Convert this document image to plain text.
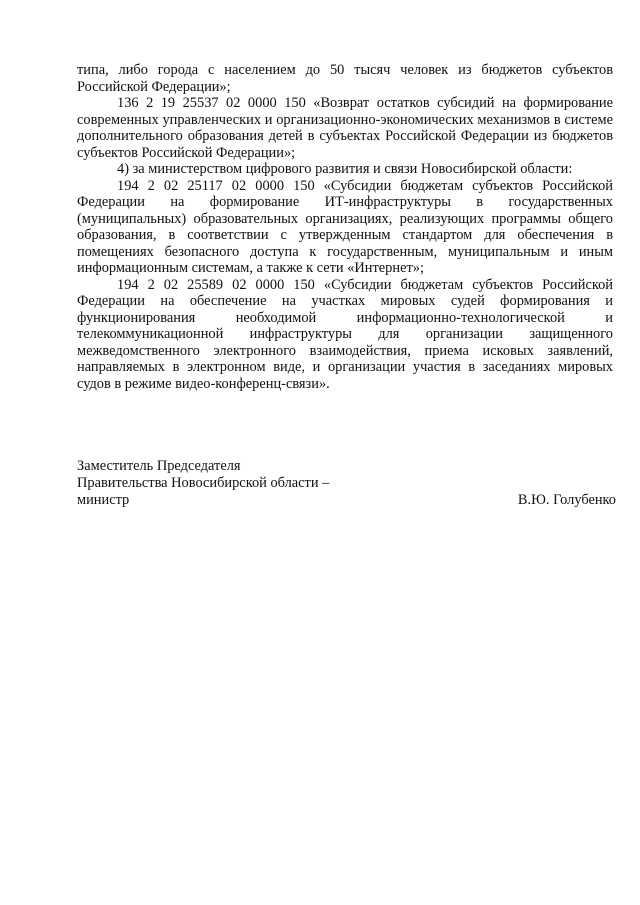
типа, либо города с населением до 50 тысяч человек из бюджетов субъектов Российской Федерации»;

136 2 19 25537 02 0000 150 «Возврат остатков субсидий на формирование современных управленческих и организационно-экономических механизмов в системе дополнительного образования детей в субъектах Российской Федерации из бюджетов субъектов Российской Федерации»;

4) за министерством цифрового развития и связи Новосибирской области:

194 2 02 25117 02 0000 150 «Субсидии бюджетам субъектов Российской Федерации на формирование ИТ-инфраструктуры в государственных (муниципальных) образовательных организациях, реализующих программы общего образования, в соответствии с утвержденным стандартом для обеспечения в помещениях безопасного доступа к государственным, муниципальным и иным информационным системам, а также к сети «Интернет»;

194 2 02 25589 02 0000 150 «Субсидии бюджетам субъектов Российской Федерации на обеспечение на участках мировых судей формирования и функционирования необходимой информационно-технологической и телекоммуникационной инфраструктуры для организации защищенного межведомственного электронного взаимодействия, приема исковых заявлений, направляемых в электронном виде, и организации участия в заседаниях мировых судов в режиме видео-конференц-связи».

Заместитель Председателя
Правительства Новосибирской области –
министр	В.Ю. Голубенко
